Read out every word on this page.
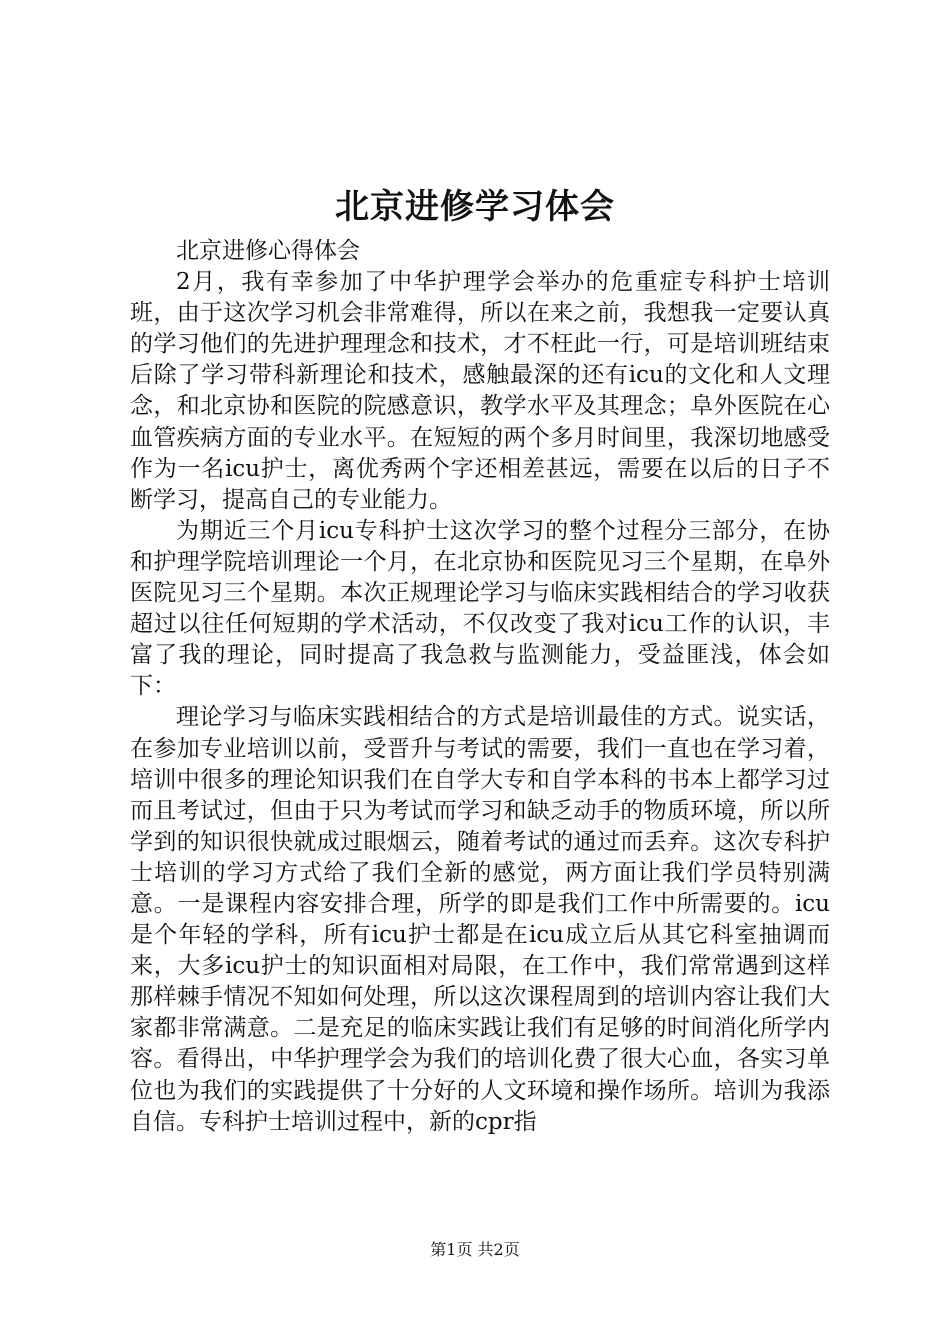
北京进修学习体会

北京进修心得体会

2月，我有幸参加了中华护理学会举办的危重症专科护士培训班，由于这次学习机会非常难得，所以在来之前，我想我一定要认真的学习他们的先进护理理念和技术，才不枉此一行，可是培训班结束后除了学习带科新理论和技术，感触最深的还有icu的文化和人文理念，和北京协和医院的院感意识，教学水平及其理念；阜外医院在心血管疾病方面的专业水平。在短短的两个多月时间里，我深切地感受作为一名icu护士，离优秀两个字还相差甚远，需要在以后的日子不断学习，提高自己的专业能力。

为期近三个月icu专科护士这次学习的整个过程分三部分，在协和护理学院培训理论一个月，在北京协和医院见习三个星期，在阜外医院见习三个星期。本次正规理论学习与临床实践相结合的学习收获超过以往任何短期的学术活动，不仅改变了我对icu工作的认识，丰富了我的理论，同时提高了我急救与监测能力，受益匪浅，体会如下：

理论学习与临床实践相结合的方式是培训最佳的方式。说实话，在参加专业培训以前，受晋升与考试的需要，我们一直也在学习着，培训中很多的理论知识我们在自学大专和自学本科的书本上都学习过而且考试过，但由于只为考试而学习和缺乏动手的物质环境，所以所学到的知识很快就成过眼烟云，随着考试的通过而丢弃。这次专科护士培训的学习方式给了我们全新的感觉，两方面让我们学员特别满意。一是课程内容安排合理，所学的即是我们工作中所需要的。icu是个年轻的学科，所有icu护士都是在icu成立后从其它科室抽调而来，大多icu护士的知识面相对局限，在工作中，我们常常遇到这样那样棘手情况不知如何处理，所以这次课程周到的培训内容让我们大家都非常满意。二是充足的临床实践让我们有足够的时间消化所学内容。看得出，中华护理学会为我们的培训化费了很大心血，各实习单位也为我们的实践提供了十分好的人文环境和操作场所。培训为我添自信。专科护士培训过程中，新的cpr指

第1页 共2页
